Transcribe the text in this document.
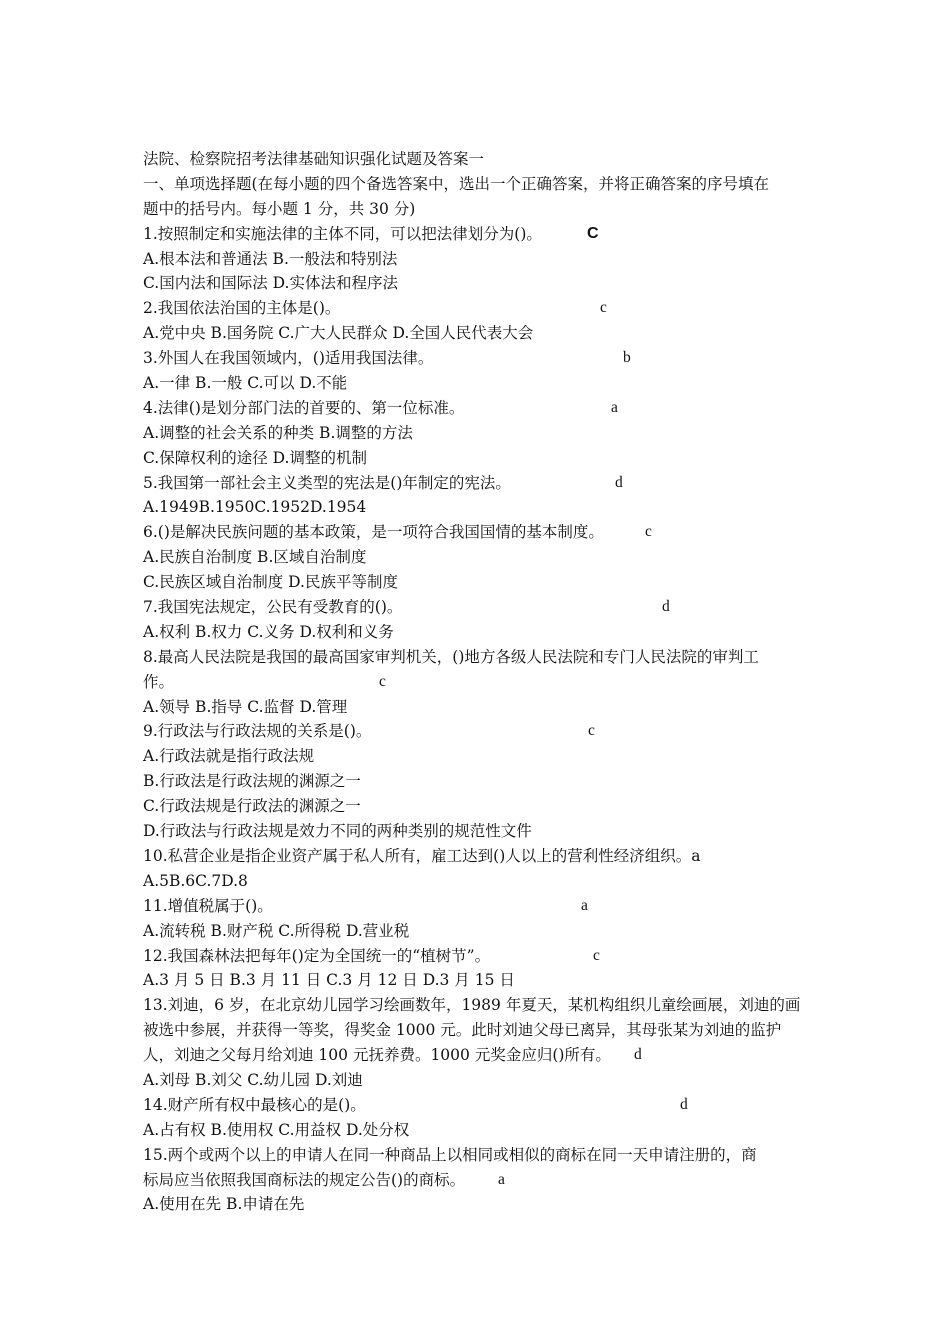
法院、检察院招考法律基础知识强化试题及答案一
一、单项选择题(在每小题的四个备选答案中，选出一个正确答案，并将正确答案的序号填在
题中的括号内。每小题 1 分，共 30 分)
1.按照制定和实施法律的主体不同，可以把法律划分为()。	C
A.根本法和普通法 B.一般法和特别法
C.国内法和国际法 D.实体法和程序法
2.我国依法治国的主体是()。	c
A.党中央 B.国务院 C.广大人民群众 D.全国人民代表大会
3.外国人在我国领域内，()适用我国法律。	b
A.一律 B.一般 C.可以 D.不能
4.法律()是划分部门法的首要的、第一位标准。	a
A.调整的社会关系的种类 B.调整的方法
C.保障权利的途径 D.调整的机制
5.我国第一部社会主义类型的宪法是()年制定的宪法。	d
A.1949B.1950C.1952D.1954
6.()是解决民族问题的基本政策，是一项符合我国国情的基本制度。	c
A.民族自治制度 B.区域自治制度
C.民族区域自治制度 D.民族平等制度
7.我国宪法规定，公民有受教育的()。	d
A.权利 B.权力 C.义务 D.权利和义务
8.最高人民法院是我国的最高国家审判机关，()地方各级人民法院和专门人民法院的审判工
作。	c
A.领导 B.指导 C.监督 D.管理
9.行政法与行政法规的关系是()。	c
A.行政法就是指行政法规
B.行政法是行政法规的渊源之一
C.行政法规是行政法的渊源之一
D.行政法与行政法规是效力不同的两种类别的规范性文件
10.私营企业是指企业资产属于私人所有，雇工达到()人以上的营利性经济组织。a
A.5B.6C.7D.8
11.增值税属于()。	a
A.流转税 B.财产税 C.所得税 D.营业税
12.我国森林法把每年()定为全国统一的“植树节”。	c
A.3 月 5 日 B.3 月 11 日 C.3 月 12 日 D.3 月 15 日
13.刘迪，6 岁，在北京幼儿园学习绘画数年，1989 年夏天，某机构组织儿童绘画展，刘迪的画
被选中参展，并获得一等奖，得奖金 1000 元。此时刘迪父母已离异，其母张某为刘迪的监护
人，刘迪之父每月给刘迪 100 元抚养费。1000 元奖金应归()所有。 d
A.刘母 B.刘父 C.幼儿园 D.刘迪
14.财产所有权中最核心的是()。	d
A.占有权 B.使用权 C.用益权 D.处分权
15.两个或两个以上的申请人在同一种商品上以相同或相似的商标在同一天申请注册的，商
标局应当依照我国商标法的规定公告()的商标。 a
A.使用在先 B.申请在先
